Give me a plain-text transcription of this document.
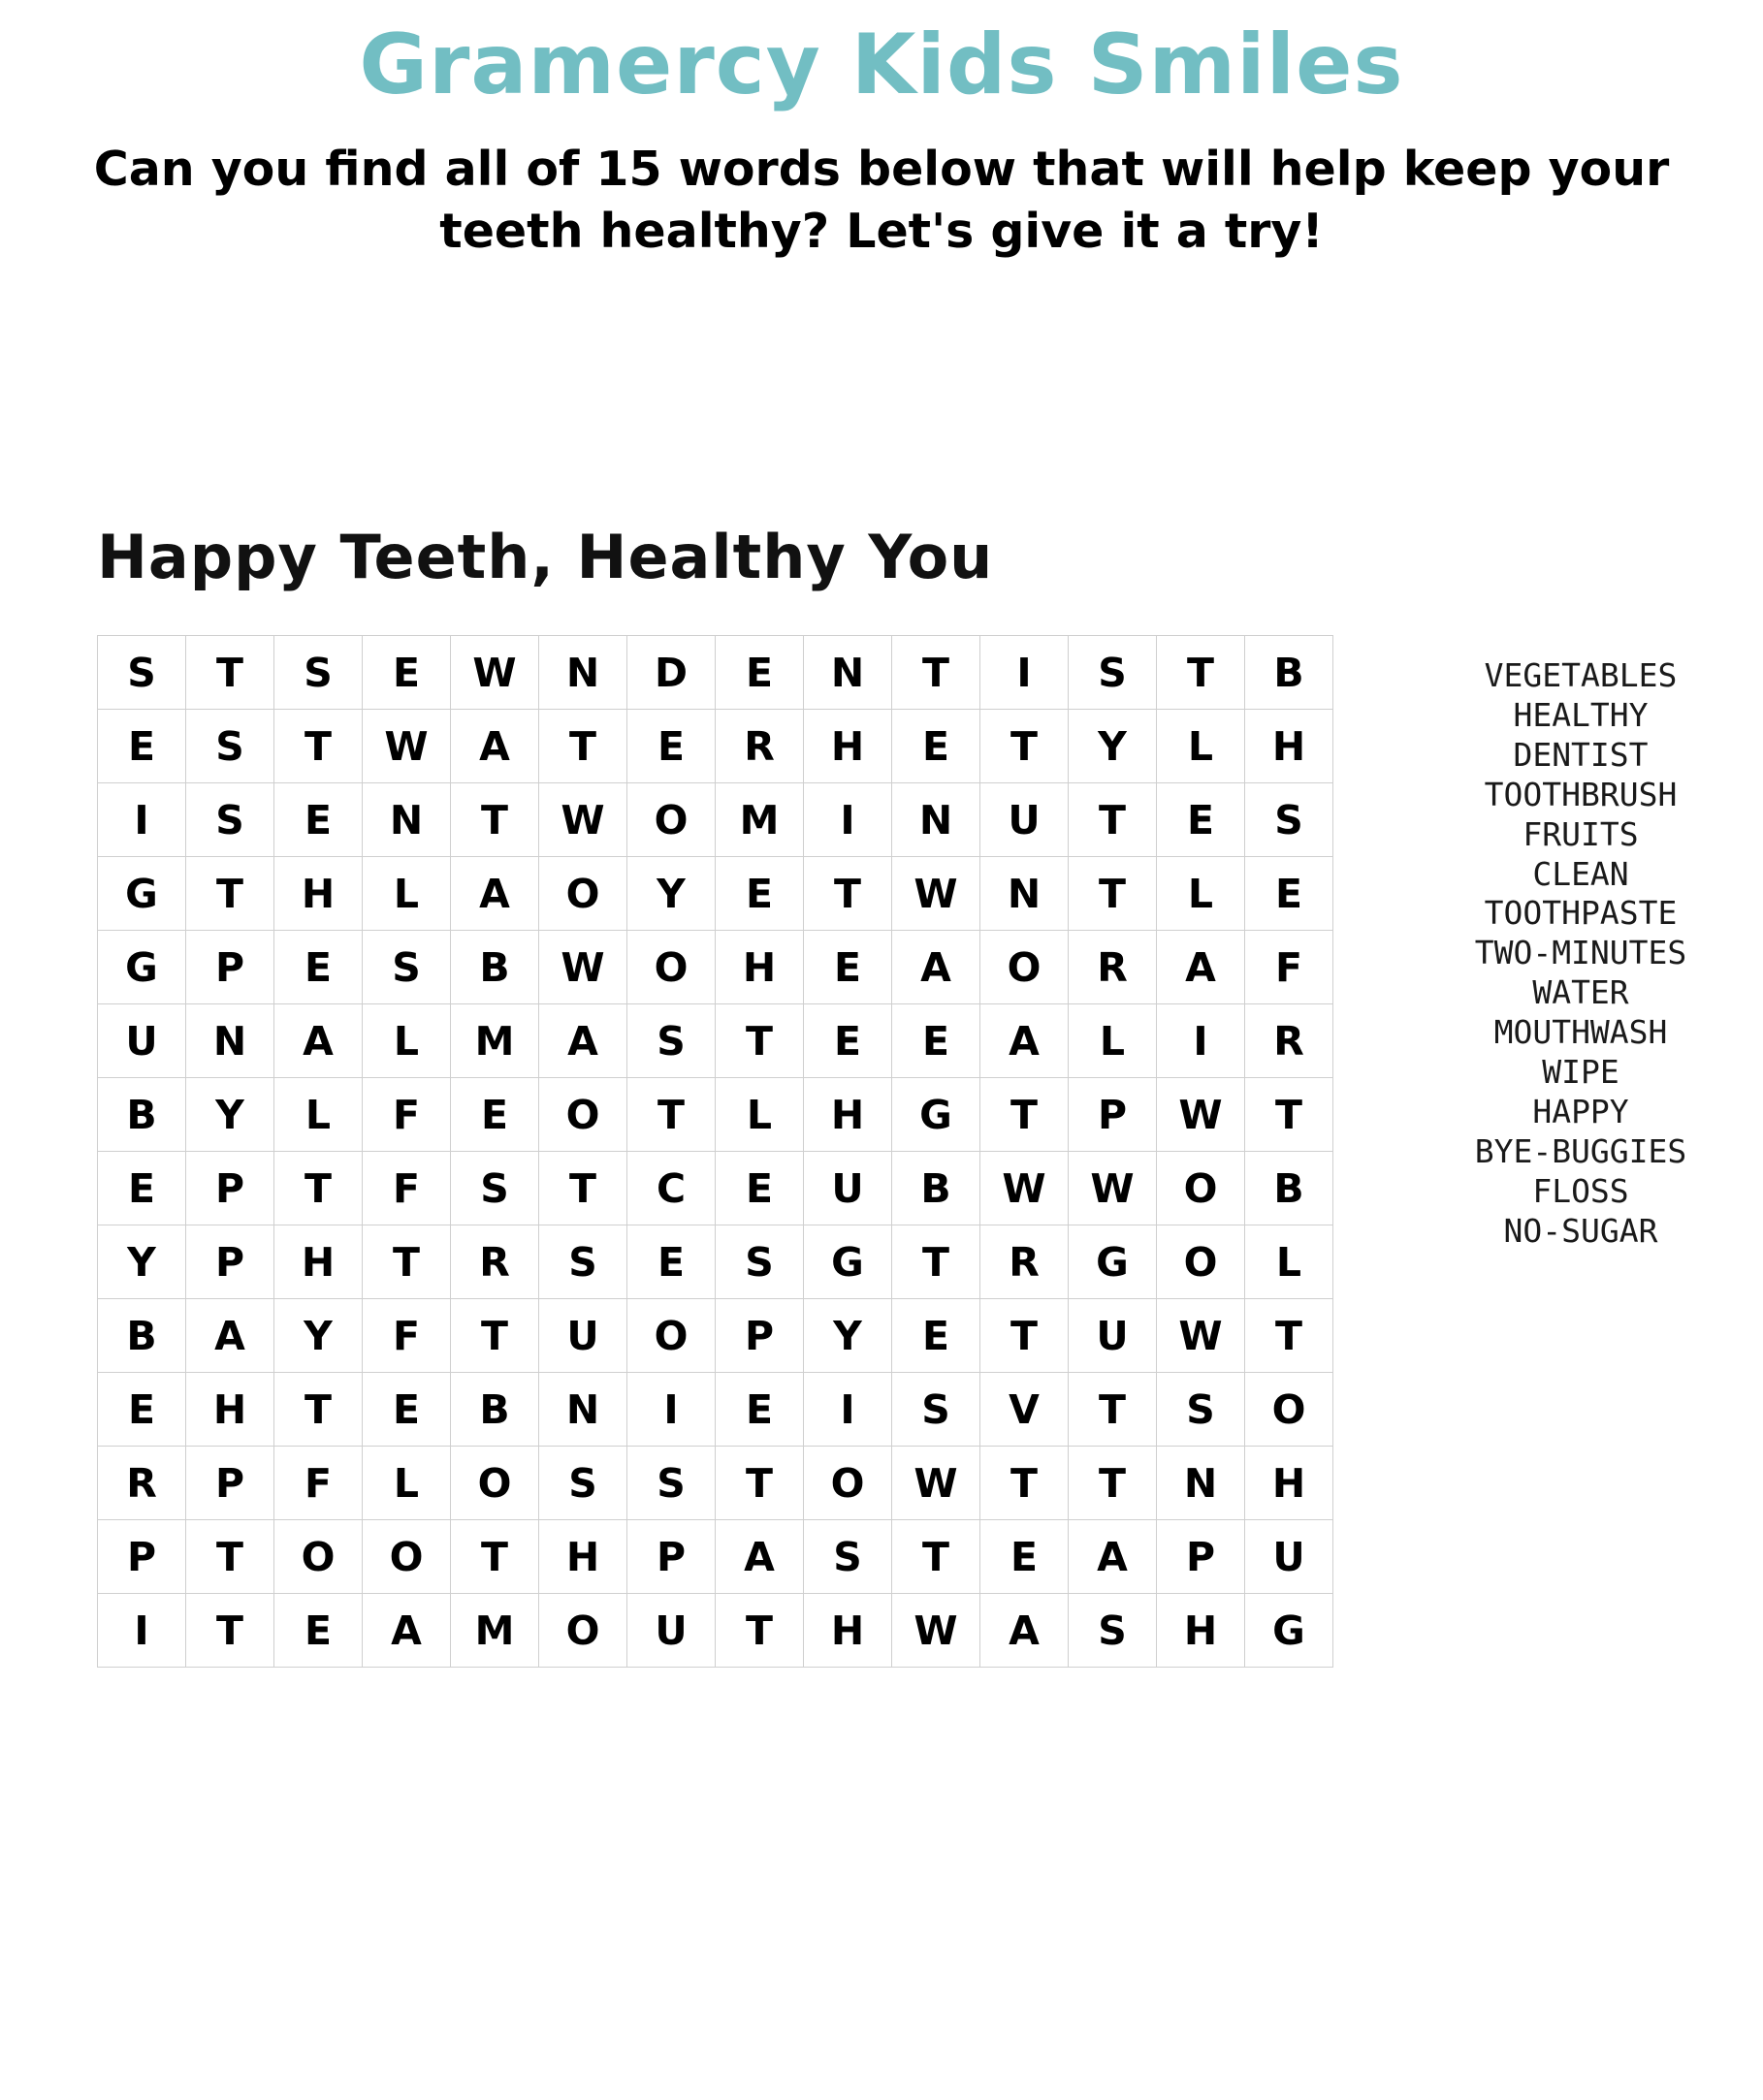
Gramercy Kids Smiles
Can you find all of 15 words below that will help keep your teeth healthy? Let's give it a try!
Happy Teeth, Healthy You
S	T	S	E	W	N	D	E	N	T	I	S	T	B
E	S	T	W	A	T	E	R	H	E	T	Y	L	H
I	S	E	N	T	W	O	M	I	N	U	T	E	S
G	T	H	L	A	O	Y	E	T	W	N	T	L	E
G	P	E	S	B	W	O	H	E	A	O	R	A	F
U	N	A	L	M	A	S	T	E	E	A	L	I	R
B	Y	L	F	E	O	T	L	H	G	T	P	W	T
E	P	T	F	S	T	C	E	U	B	W	W	O	B
Y	P	H	T	R	S	E	S	G	T	R	G	O	L
B	A	Y	F	T	U	O	P	Y	E	T	U	W	T
E	H	T	E	B	N	I	E	I	S	V	T	S	O
R	P	F	L	O	S	S	T	O	W	T	T	N	H
P	T	O	O	T	H	P	A	S	T	E	A	P	U
I	T	E	A	M	O	U	T	H	W	A	S	H	G
VEGETABLES
HEALTHY
DENTIST
TOOTHBRUSH
FRUITS
CLEAN
TOOTHPASTE
TWO-MINUTES
WATER
MOUTHWASH
WIPE
HAPPY
BYE-BUGGIES
FLOSS
NO-SUGAR
